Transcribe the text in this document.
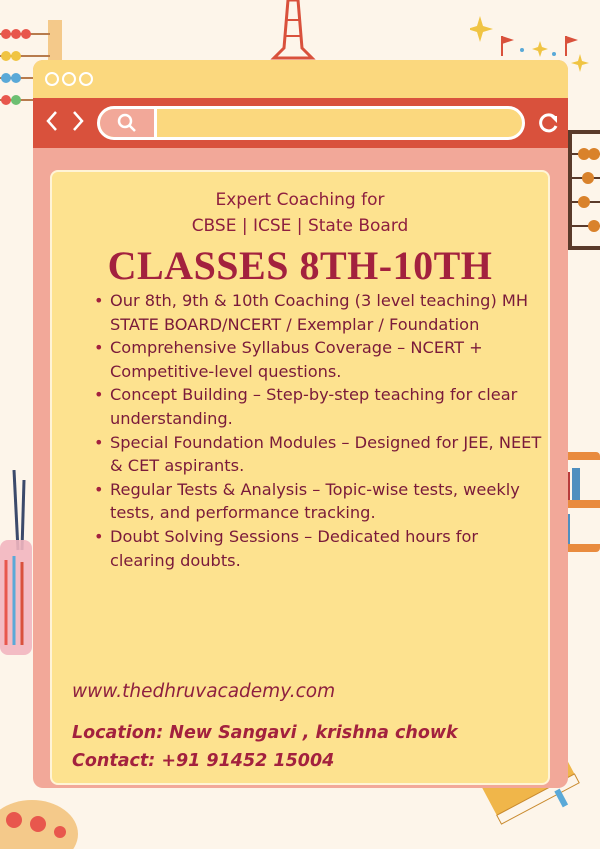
Expert Coaching for
CBSE | ICSE | State Board
CLASSES 8TH-10TH
• Our 8th, 9th & 10th Coaching (3 level teaching) MH STATE BOARD/NCERT / Exemplar / Foundation
• Comprehensive Syllabus Coverage – NCERT + Competitive-level questions.
• Concept Building – Step-by-step teaching for clear understanding.
• Special Foundation Modules – Designed for JEE, NEET & CET aspirants.
• Regular Tests & Analysis – Topic-wise tests, weekly tests, and performance tracking.
• Doubt Solving Sessions – Dedicated hours for clearing doubts.
www.thedhruvacademy.com
Location: New Sangavi , krishna chowk
Contact: +91 91452 15004
